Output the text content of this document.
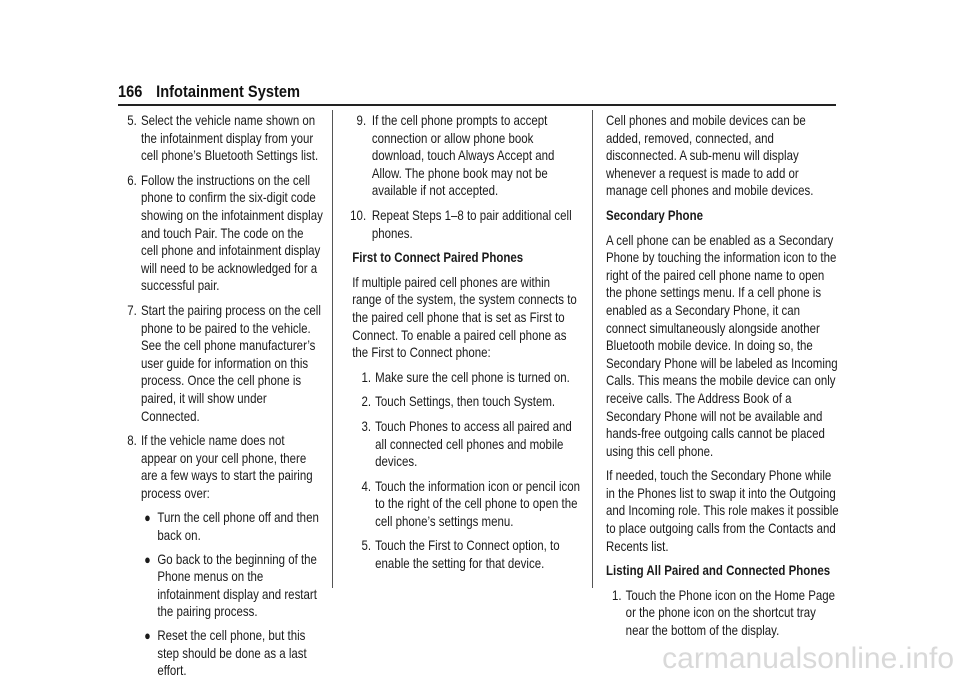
166 Infotainment System
5. Select the vehicle name shown on the infotainment display from your cell phone’s Bluetooth Settings list.
6. Follow the instructions on the cell phone to confirm the six-digit code showing on the infotainment display and touch Pair. The code on the cell phone and infotainment display will need to be acknowledged for a successful pair.
7. Start the pairing process on the cell phone to be paired to the vehicle. See the cell phone manufacturer’s user guide for information on this process. Once the cell phone is paired, it will show under Connected.
8. If the vehicle name does not appear on your cell phone, there are a few ways to start the pairing process over:
● Turn the cell phone off and then back on.
● Go back to the beginning of the Phone menus on the infotainment display and restart the pairing process.
● Reset the cell phone, but this step should be done as a last effort.
9. If the cell phone prompts to accept connection or allow phone book download, touch Always Accept and Allow. The phone book may not be available if not accepted.
10. Repeat Steps 1–8 to pair additional cell phones.
First to Connect Paired Phones
If multiple paired cell phones are within range of the system, the system connects to the paired cell phone that is set as First to Connect. To enable a paired cell phone as the First to Connect phone:
1. Make sure the cell phone is turned on.
2. Touch Settings, then touch System.
3. Touch Phones to access all paired and all connected cell phones and mobile devices.
4. Touch the information icon or pencil icon to the right of the cell phone to open the cell phone’s settings menu.
5. Touch the First to Connect option, to enable the setting for that device.
Cell phones and mobile devices can be added, removed, connected, and disconnected. A sub-menu will display whenever a request is made to add or manage cell phones and mobile devices.
Secondary Phone
A cell phone can be enabled as a Secondary Phone by touching the information icon to the right of the paired cell phone name to open the phone settings menu. If a cell phone is enabled as a Secondary Phone, it can connect simultaneously alongside another Bluetooth mobile device. In doing so, the Secondary Phone will be labeled as Incoming Calls. This means the mobile device can only receive calls. The Address Book of a Secondary Phone will not be available and hands-free outgoing calls cannot be placed using this cell phone.
If needed, touch the Secondary Phone while in the Phones list to swap it into the Outgoing and Incoming role. This role makes it possible to place outgoing calls from the Contacts and Recents list.
Listing All Paired and Connected Phones
1. Touch the Phone icon on the Home Page or the phone icon on the shortcut tray near the bottom of the display.
carmanualsonline.info
